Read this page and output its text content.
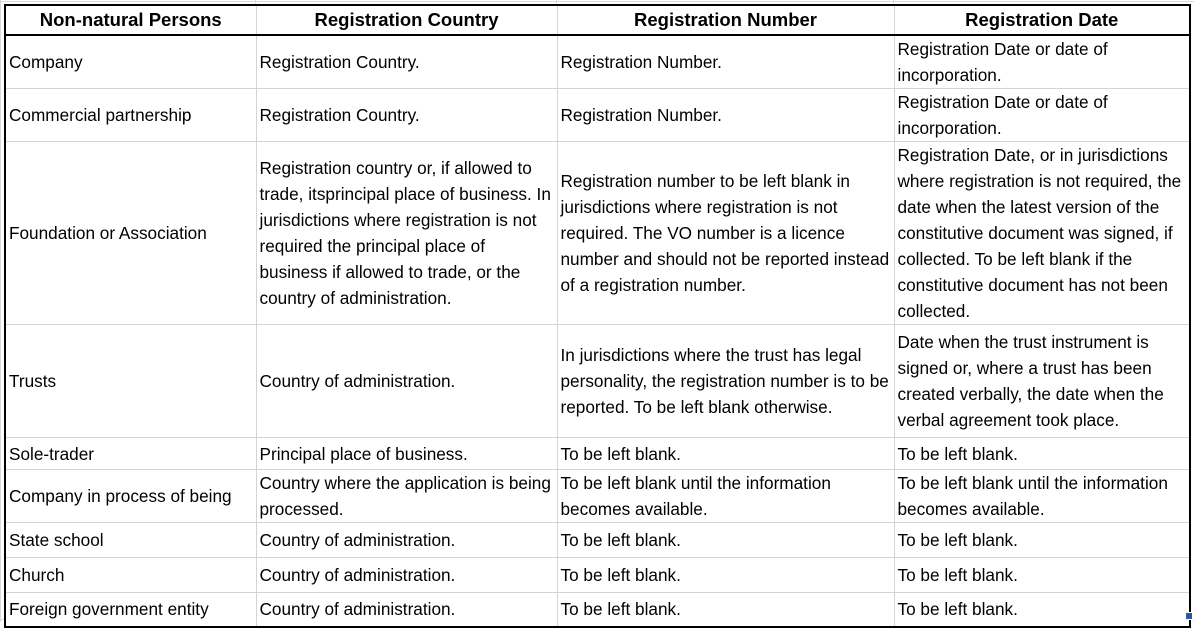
Non-natural Persons	Registration Country	Registration Number	Registration Date
Company	Registration Country.	Registration Number.	Registration Date or date of incorporation.
Commercial partnership	Registration Country.	Registration Number.	Registration Date or date of incorporation.
Foundation or Association	Registration country or, if allowed to trade, itsprincipal place of business. In jurisdictions where registration is not required the principal place of business if allowed to trade, or the country of administration.	Registration number to be left blank in jurisdictions where registration is not required. The VO number is a licence number and should not be reported instead of a registration number.	Registration Date, or in jurisdictions where registration is not required, the date when the latest version of the constitutive document was signed, if collected. To be left blank if the constitutive document has not been collected.
Trusts	Country of administration.	In jurisdictions where the trust has legal personality, the registration number is to be reported. To be left blank otherwise.	Date when the trust instrument is signed or, where a trust has been created verbally, the date when the verbal agreement took place.
Sole-trader	Principal place of business.	To be left blank.	To be left blank.
Company in process of being	Country where the application is being processed.	To be left blank until the information becomes available.	To be left blank until the information becomes available.
State school	Country of administration.	To be left blank.	To be left blank.
Church	Country of administration.	To be left blank.	To be left blank.
Foreign government entity	Country of administration.	To be left blank.	To be left blank.
